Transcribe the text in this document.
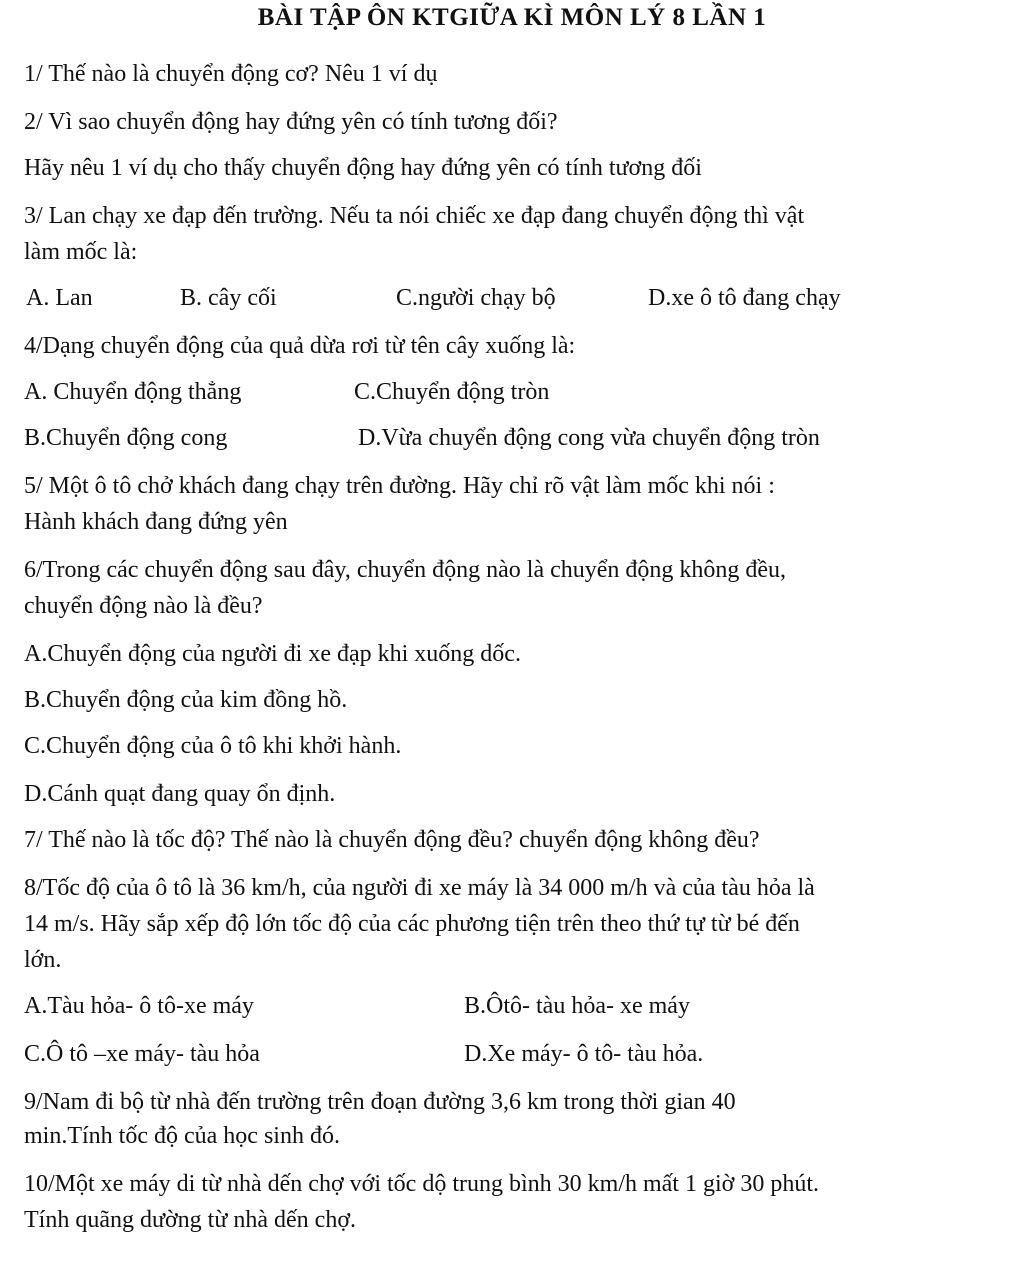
BÀI TẬP ÔN KTGIỮA KÌ MÔN LÝ 8 LẦN 1
1/ Thế nào là chuyển động cơ? Nêu 1 ví dụ
2/ Vì sao chuyển động hay đứng yên có tính tương đối?
Hãy nêu 1 ví dụ cho thấy chuyển động hay đứng yên có tính tương đối
3/ Lan chạy xe đạp đến trường. Nếu ta nói chiếc xe đạp đang chuyển động thì vật
làm mốc là:
A. Lan	B. cây cối	C.người chạy bộ	D.xe ô tô đang chạy
4/Dạng chuyển động của quả dừa rơi từ tên cây xuống là:
A. Chuyển động thẳng	C.Chuyển động tròn
B.Chuyển động cong	D.Vừa chuyển động cong vừa chuyển động tròn
5/ Một ô tô chở khách đang chạy trên đường. Hãy chỉ rõ vật làm mốc khi nói :
Hành khách đang đứng yên
6/Trong các chuyển động sau đây, chuyển động nào là chuyển động không đều,
chuyển động nào là đều?
A.Chuyển động của người đi xe đạp khi xuống dốc.
B.Chuyển động của kim đồng hồ.
C.Chuyển động của ô tô khi khởi hành.
D.Cánh quạt đang quay ổn định.
7/ Thế nào là tốc độ? Thế nào là chuyển động đều? chuyển động không đều?
8/Tốc độ của ô tô là 36 km/h, của người đi xe máy là 34 000 m/h và của tàu hỏa là
14 m/s. Hãy sắp xếp độ lớn tốc độ của các phương tiện trên theo thứ tự từ bé đến
lớn.
A.Tàu hỏa- ô tô-xe máy	B.Ôtô- tàu hỏa- xe máy
C.Ô tô –xe máy- tàu hỏa	D.Xe máy- ô tô- tàu hỏa.
9/Nam đi bộ từ nhà đến trường trên đoạn đường 3,6 km trong thời gian 40
min.Tính tốc độ của học sinh đó.
10/Một xe máy di từ nhà dến chợ với tốc dộ trung bình 30 km/h mất 1 giờ 30 phút.
Tính quãng dường từ nhà dến chợ.
